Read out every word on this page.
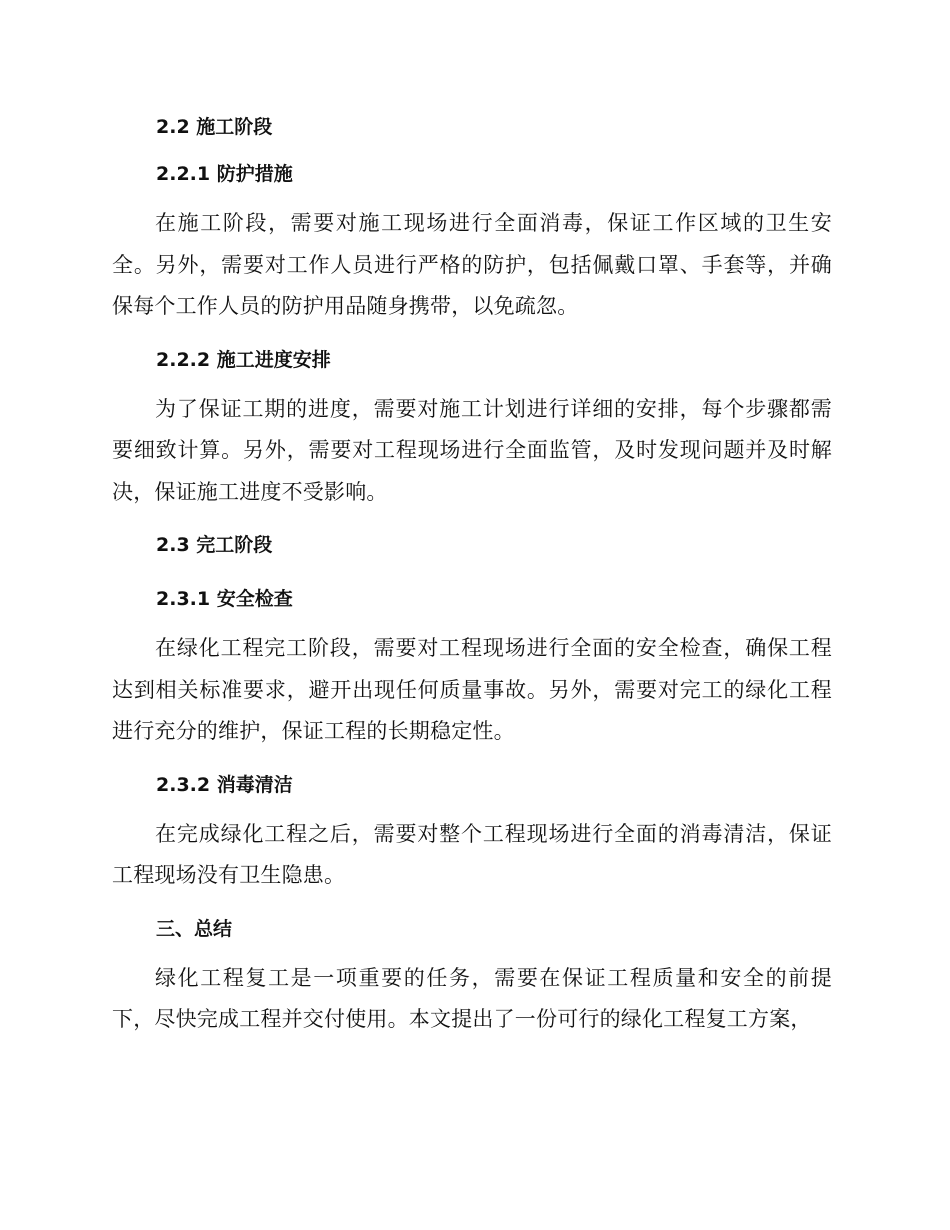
2.2 施工阶段
2.2.1 防护措施

在施工阶段，需要对施工现场进行全面消毒，保证工作区域的卫生安全。另外，需要对工作人员进行严格的防护，包括佩戴口罩、手套等，并确保每个工作人员的防护用品随身携带，以免疏忽。

2.2.2 施工进度安排

为了保证工期的进度，需要对施工计划进行详细的安排，每个步骤都需要细致计算。另外，需要对工程现场进行全面监管，及时发现问题并及时解决，保证施工进度不受影响。

2.3 完工阶段
2.3.1 安全检查

在绿化工程完工阶段，需要对工程现场进行全面的安全检查，确保工程达到相关标准要求，避开出现任何质量事故。另外，需要对完工的绿化工程进行充分的维护，保证工程的长期稳定性。

2.3.2 消毒清洁

在完成绿化工程之后，需要对整个工程现场进行全面的消毒清洁，保证工程现场没有卫生隐患。

三、总结

绿化工程复工是一项重要的任务，需要在保证工程质量和安全的前提下，尽快完成工程并交付使用。本文提出了一份可行的绿化工程复工方案，
